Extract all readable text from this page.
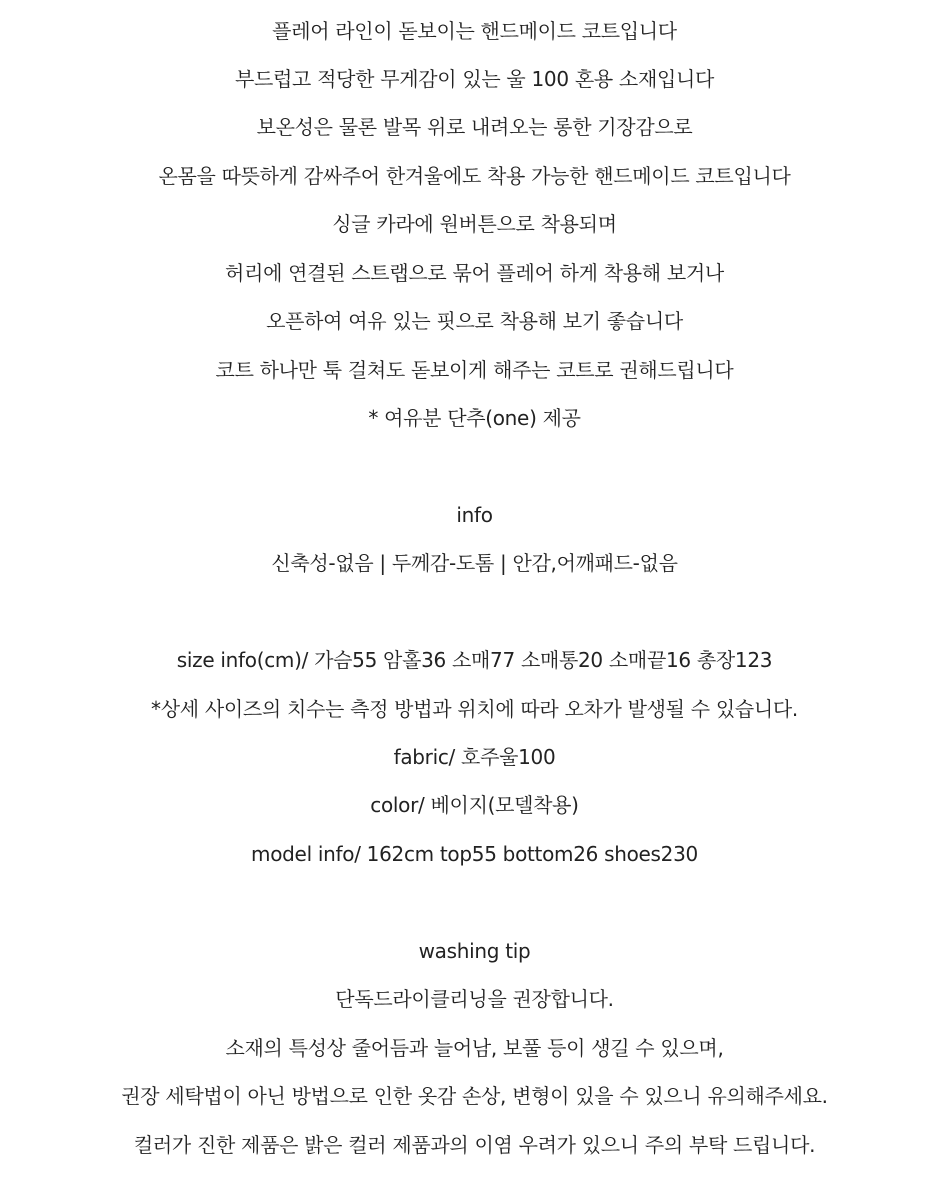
플레어 라인이 돋보이는 핸드메이드 코트입니다
부드럽고 적당한 무게감이 있는 울 100 혼용 소재입니다
보온성은 물론 발목 위로 내려오는 롱한 기장감으로
온몸을 따뜻하게 감싸주어 한겨울에도 착용 가능한 핸드메이드 코트입니다
싱글 카라에 원버튼으로 착용되며
허리에 연결된 스트랩으로 묶어 플레어 하게 착용해 보거나
오픈하여 여유 있는 핏으로 착용해 보기 좋습니다
코트 하나만 툭 걸쳐도 돋보이게 해주는 코트로 권해드립니다
* 여유분 단추(one) 제공
info
신축성-없음 | 두께감-도톰 | 안감,어깨패드-없음
size info(cm)/ 가슴55 암홀36 소매77 소매통20 소매끝16 총장123
*상세 사이즈의 치수는 측정 방법과 위치에 따라 오차가 발생될 수 있습니다.
fabric/ 호주울100
color/ 베이지(모델착용)
model info/ 162cm top55 bottom26 shoes230
washing tip
단독드라이클리닝을 권장합니다.
소재의 특성상 줄어듬과 늘어남, 보풀 등이 생길 수 있으며,
권장 세탁법이 아닌 방법으로 인한 옷감 손상, 변형이 있을 수 있으니 유의해주세요.
컬러가 진한 제품은 밝은 컬러 제품과의 이염 우려가 있으니 주의 부탁 드립니다.
